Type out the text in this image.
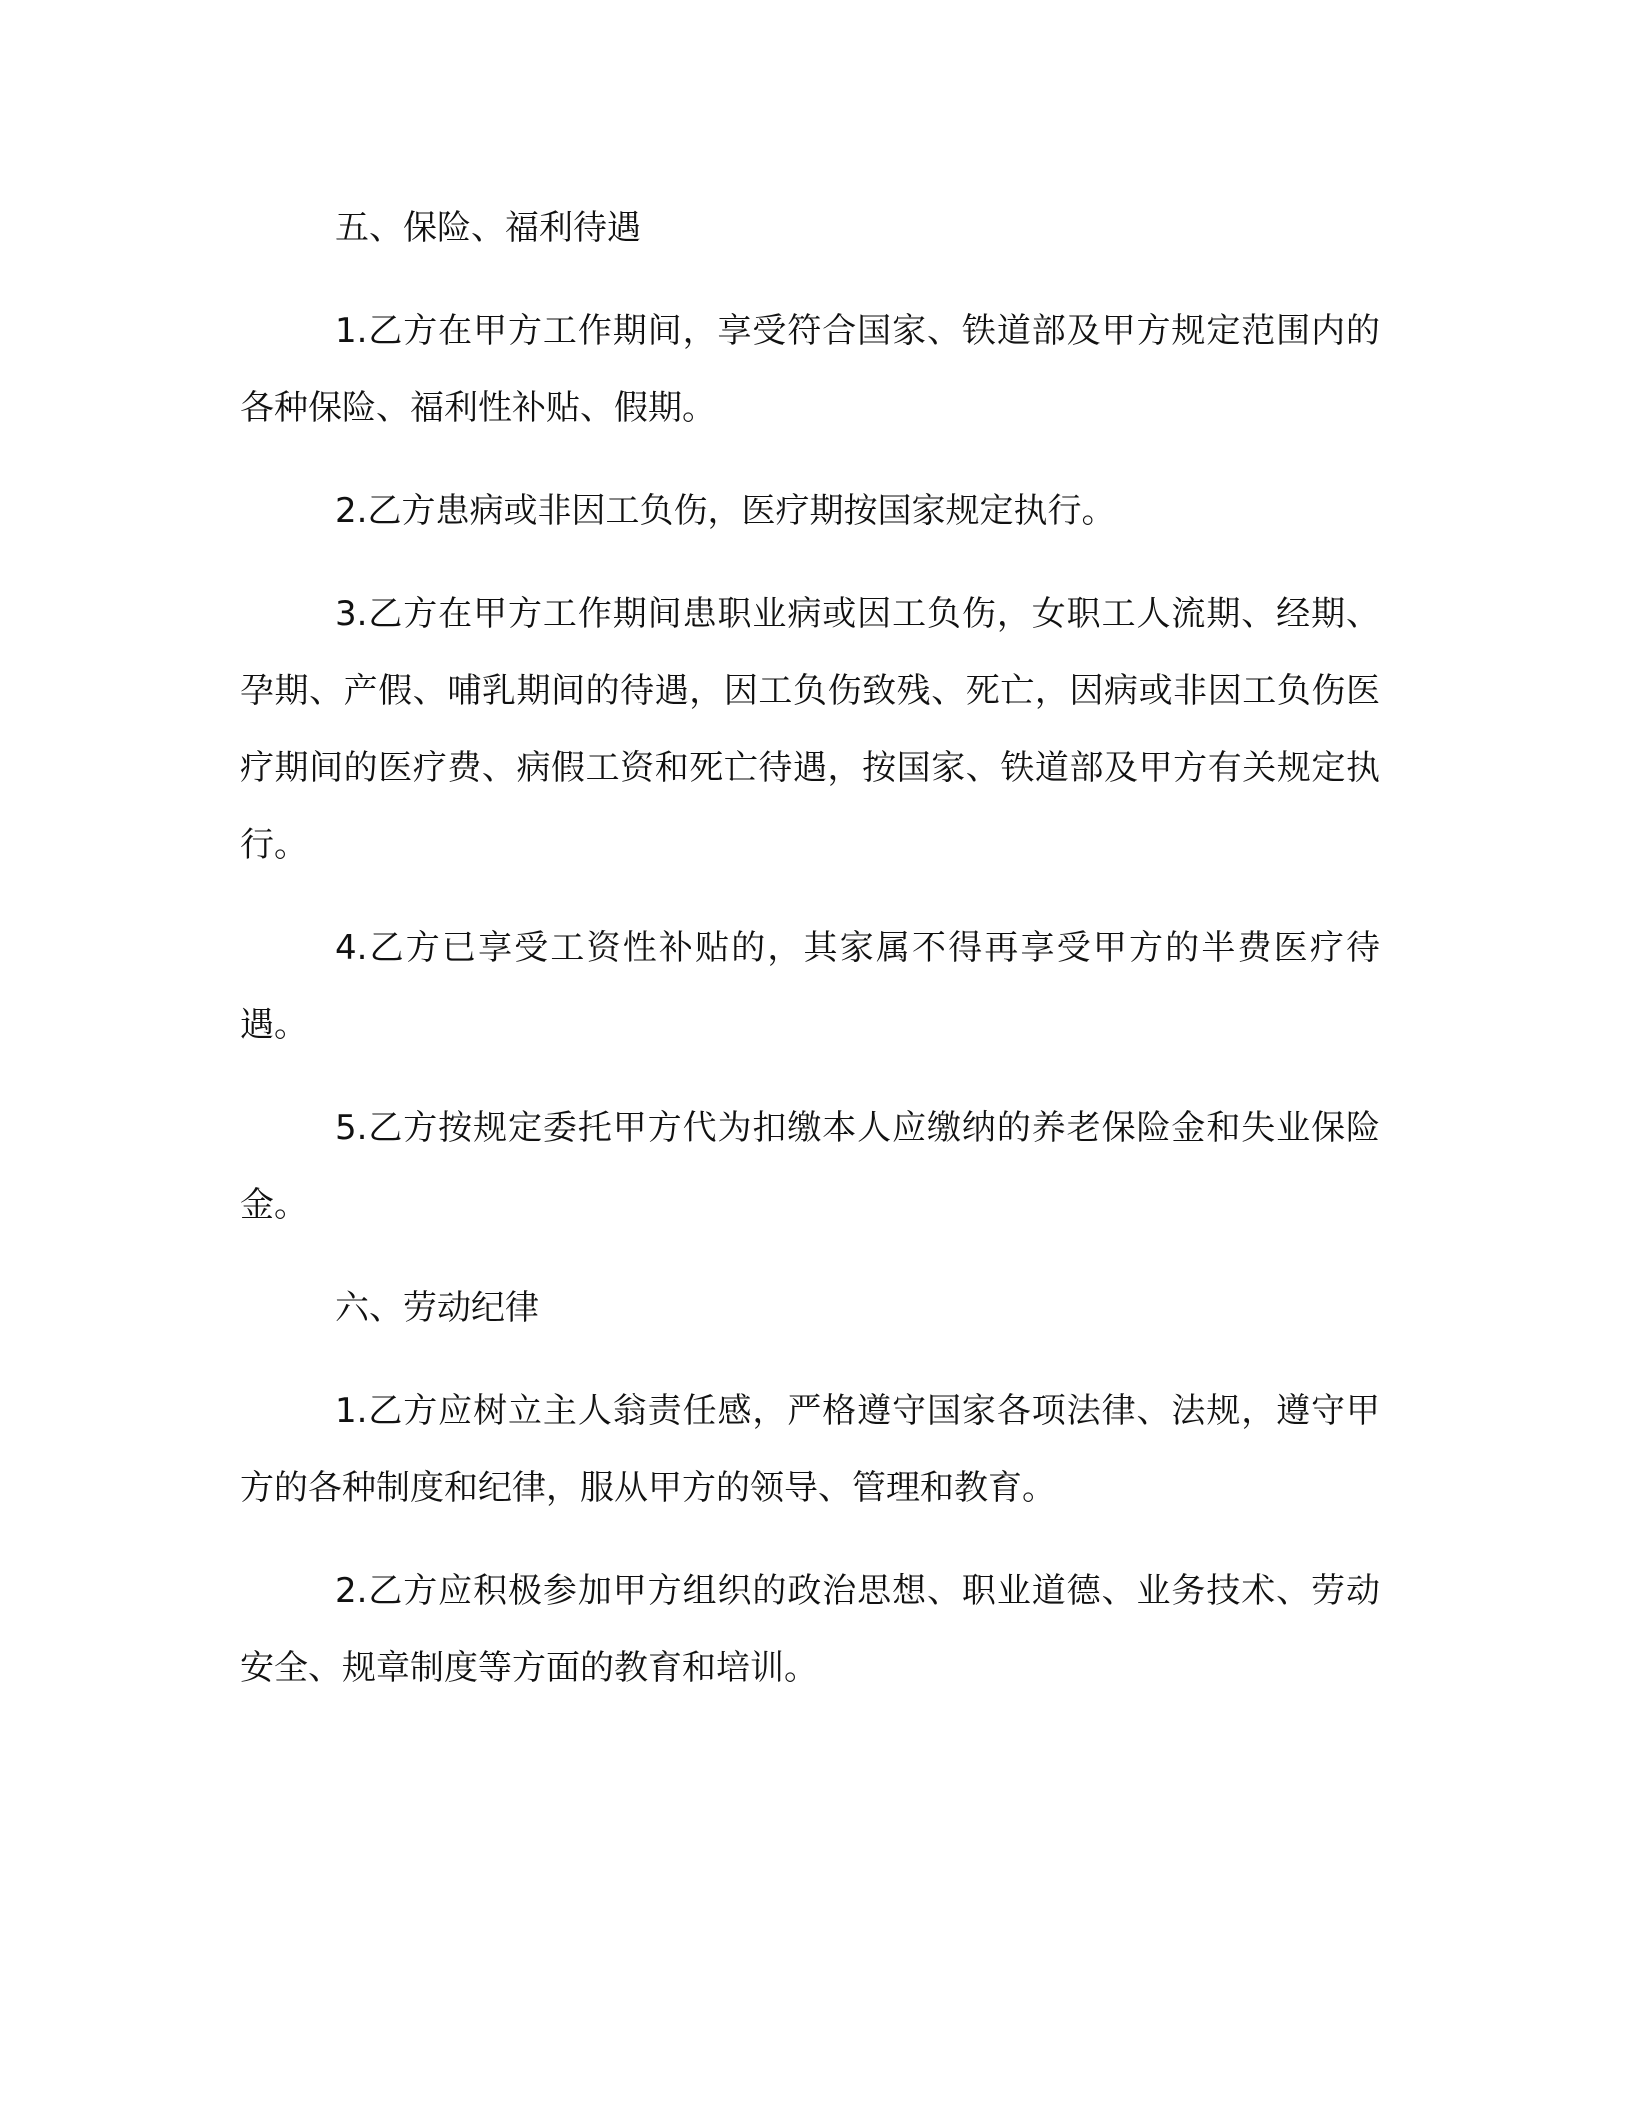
五、保险、福利待遇

1.乙方在甲方工作期间，享受符合国家、铁道部及甲方规定范围内的各种保险、福利性补贴、假期。

2.乙方患病或非因工负伤，医疗期按国家规定执行。

3.乙方在甲方工作期间患职业病或因工负伤，女职工人流期、经期、孕期、产假、哺乳期间的待遇，因工负伤致残、死亡，因病或非因工负伤医疗期间的医疗费、病假工资和死亡待遇，按国家、铁道部及甲方有关规定执行。

4.乙方已享受工资性补贴的，其家属不得再享受甲方的半费医疗待遇。

5.乙方按规定委托甲方代为扣缴本人应缴纳的养老保险金和失业保险金。

六、劳动纪律

1.乙方应树立主人翁责任感，严格遵守国家各项法律、法规，遵守甲方的各种制度和纪律，服从甲方的领导、管理和教育。

2.乙方应积极参加甲方组织的政治思想、职业道德、业务技术、劳动安全、规章制度等方面的教育和培训。
